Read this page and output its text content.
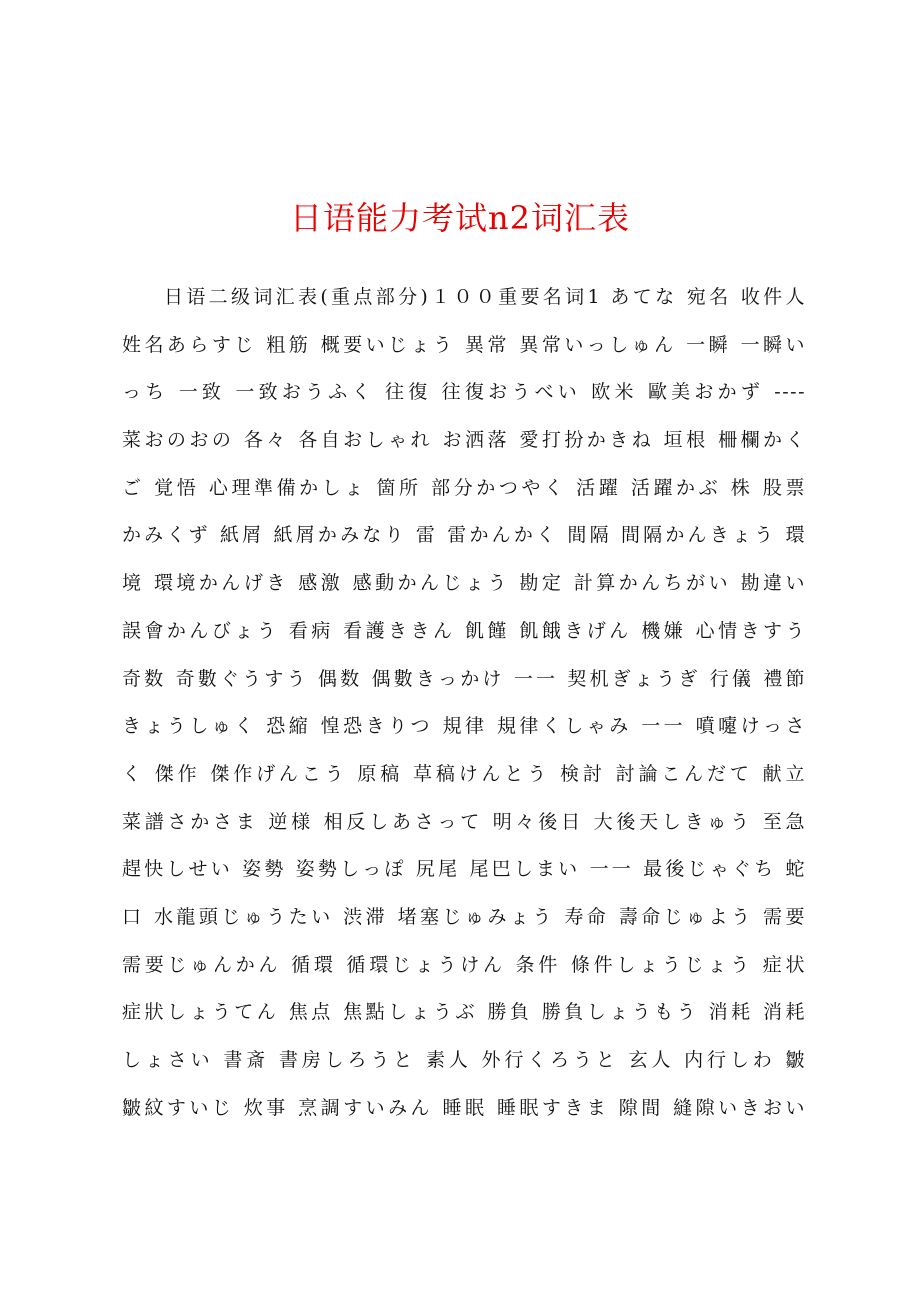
日语能力考试n2词汇表
日语二级词汇表(重点部分)１００重要名词1 あてな 宛名 收件人
姓名あらすじ 粗筋 概要いじょう 異常 異常いっしゅん 一瞬 一瞬い
っち 一致 一致おうふく 往復 往復おうべい 欧米 歐美おかず ----
菜おのおの 各々 各自おしゃれ お洒落 愛打扮かきね 垣根 柵欄かく
ご 覚悟 心理準備かしょ 箇所 部分かつやく 活躍 活躍かぶ 株 股票
かみくず 紙屑 紙屑かみなり 雷 雷かんかく 間隔 間隔かんきょう 環
境 環境かんげき 感激 感動かんじょう 勘定 計算かんちがい 勘違い
誤會かんびょう 看病 看護ききん 飢饉 飢餓きげん 機嫌 心情きすう
奇数 奇數ぐうすう 偶数 偶數きっかけ 一一 契机ぎょうぎ 行儀 禮節
きょうしゅく 恐縮 惶恐きりつ 規律 規律くしゃみ 一一 噴嚔けっさ
く 傑作 傑作げんこう 原稿 草稿けんとう 検討 討論こんだて 献立
菜譜さかさま 逆様 相反しあさって 明々後日 大後天しきゅう 至急
趕快しせい 姿勢 姿勢しっぽ 尻尾 尾巴しまい 一一 最後じゃぐち 蛇
口 水龍頭じゅうたい 渋滞 堵塞じゅみょう 寿命 壽命じゅよう 需要
需要じゅんかん 循環 循環じょうけん 条件 條件しょうじょう 症状
症狀しょうてん 焦点 焦點しょうぶ 勝負 勝負しょうもう 消耗 消耗
しょさい 書斎 書房しろうと 素人 外行くろうと 玄人 内行しわ 皺
皺紋すいじ 炊事 烹調すいみん 睡眠 睡眠すきま 隙間 縫隙いきおい
